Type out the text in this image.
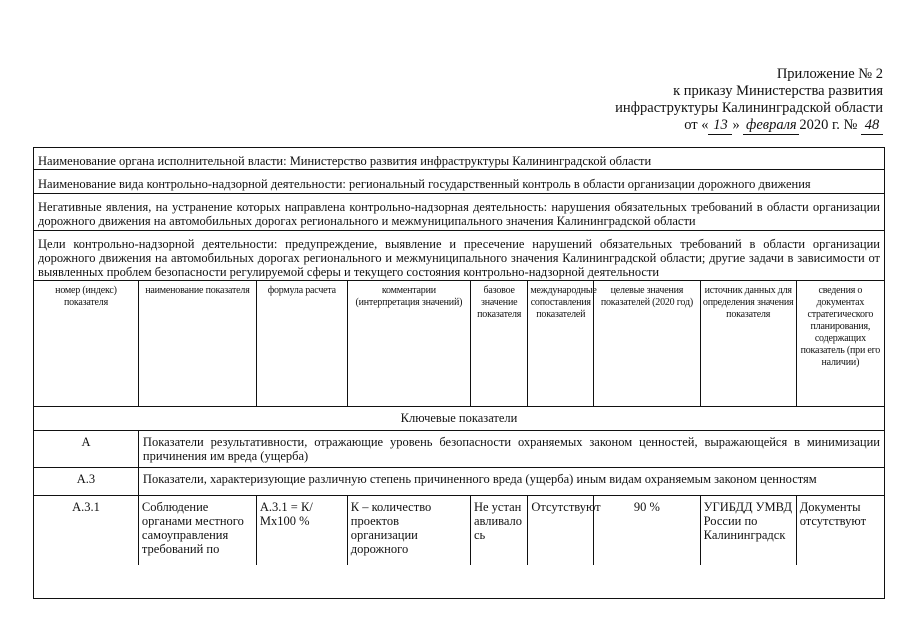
Приложение № 2
к приказу Министерства развития
инфраструктуры Калининградской области
от « 13 » февраля 2020 г. № 48
Наименование органа исполнительной власти: Министерство развития инфраструктуры Калининградской области
Наименование вида контрольно-надзорной деятельности: региональный государственный контроль в области организации дорожного движения
Негативные явления, на устранение которых направлена контрольно-надзорная деятельность: нарушения обязательных требований в области организации дорожного движения на автомобильных дорогах регионального и межмуниципального значения Калининградской области
Цели контрольно-надзорной деятельности: предупреждение, выявление и пресечение нарушений обязательных требований в области организации дорожного движения на автомобильных дорогах регионального и межмуниципального значения Калининградской области; другие задачи в зависимости от выявленных проблем безопасности регулируемой сферы и текущего состояния контрольно-надзорной деятельности
номер (индекс) показателя	наименование показателя	формула расчета	комментарии (интерпретация значений)	базовое значение показателя	международные сопоставления показателей	целевые значения показателей (2020 год)	источник данных для определения значения показателя	сведения о документах стратегического планирования, содержащих показатель (при его наличии)
Ключевые показатели								
А	Показатели результативности, отражающие уровень безопасности охраняемых законом ценностей, выражающейся в минимизации причинения им вреда (ущерба)							
А.3	Показатели, характеризующие различную степень причиненного вреда (ущерба) иным видам охраняемым законом ценностям							
А.3.1	Соблюдение органами местного самоуправления требований по	А.3.1 = К/Мх100 %	К – количество проектов организации дорожного	Не устанавливалось	Отсутствуют	90 %	УГИБДД УМВД России по Калининградск	Документы отсутствуют
